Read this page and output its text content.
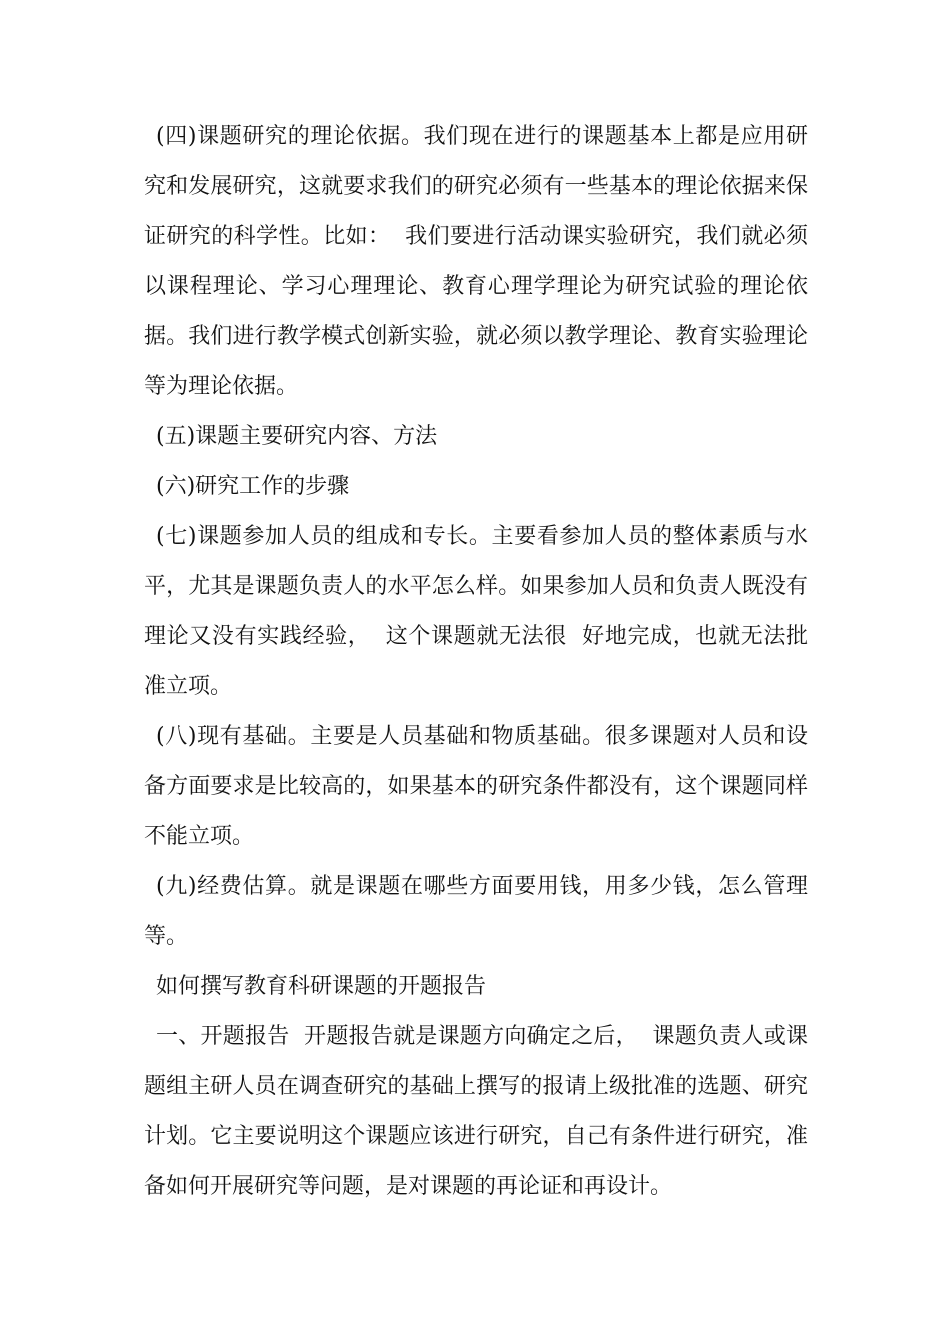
(四)课题研究的理论依据。我们现在进行的课题基本上都是应用研究和发展研究，这就要求我们的研究必须有一些基本的理论依据来保证研究的科学性。比如：  我们要进行活动课实验研究，我们就必须以课程理论、学习心理理论、教育心理学理论为研究试验的理论依据。我们进行教学模式创新实验，就必须以教学理论、教育实验理论等为理论依据。

(五)课题主要研究内容、方法

(六)研究工作的步骤

(七)课题参加人员的组成和专长。主要看参加人员的整体素质与水平，尤其是课题负责人的水平怎么样。如果参加人员和负责人既没有理论又没有实践经验，  这个课题就无法很  好地完成，也就无法批准立项。

(八)现有基础。主要是人员基础和物质基础。很多课题对人员和设备方面要求是比较高的，如果基本的研究条件都没有，这个课题同样不能立项。

(九)经费估算。就是课题在哪些方面要用钱，用多少钱，怎么管理等。

如何撰写教育科研课题的开题报告

一、开题报告  开题报告就是课题方向确定之后，  课题负责人或课题组主研人员在调查研究的基础上撰写的报请上级批准的选题、研究计划。它主要说明这个课题应该进行研究，自己有条件进行研究，准备如何开展研究等问题，是对课题的再论证和再设计。
